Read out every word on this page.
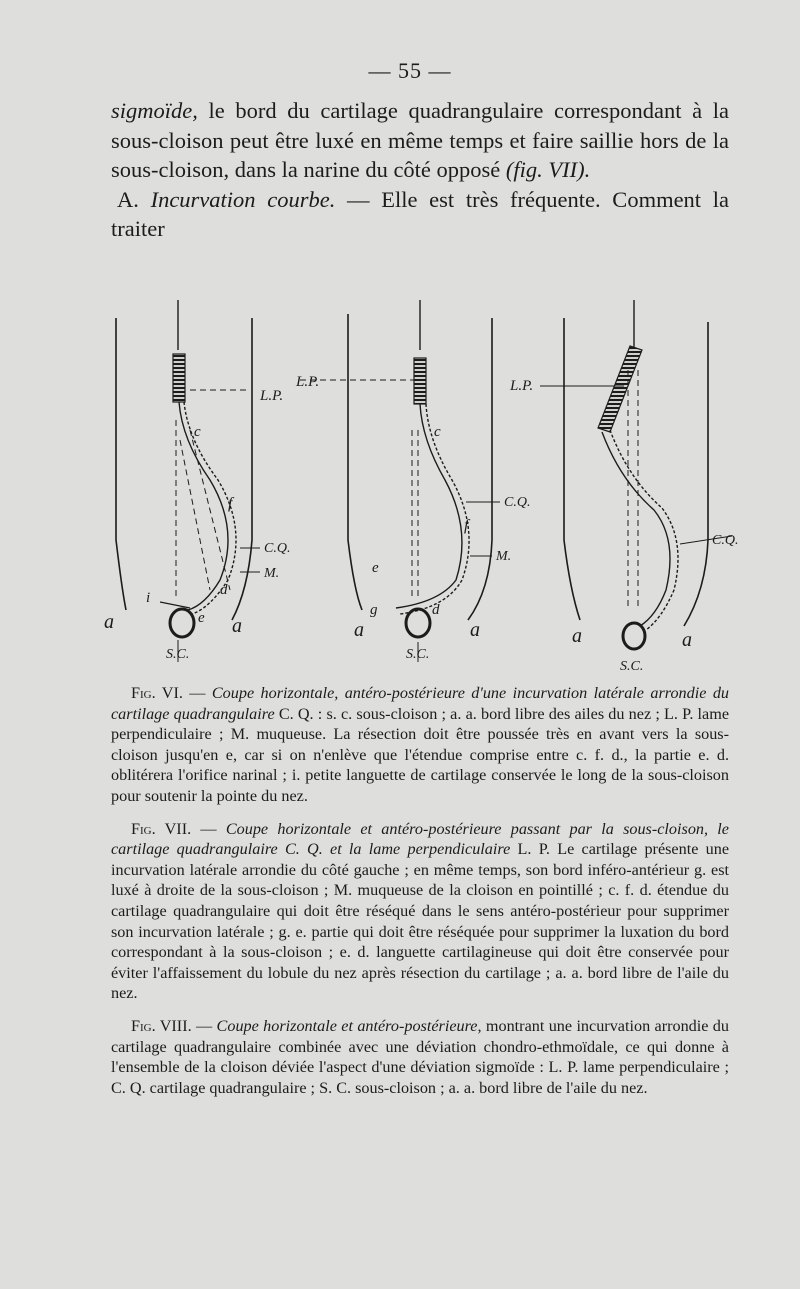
— 55 —

sigmoïde, le bord du cartilage quadrangulaire correspondant à la sous-cloison peut être luxé en même temps et faire saillie hors de la sous-cloison, dans la narine du côté opposé (fig. VII).

A. Incurvation courbe. — Elle est très fréquente. Comment la traiter

L.P.
c
f
C.Q.
M.
d
i
e
a	a
S.C.
L.P.
c
f
C.Q.
M.
e
g	d
a	a
S.C.
L.P.
C.Q.
a	a
S.C.

Fig. VI. — Coupe horizontale, antéro-postérieure d'une incurvation latérale arrondie du cartilage quadrangulaire C. Q. : s. c. sous-cloison ; a. a. bord libre des ailes du nez ; L. P. lame perpendiculaire ; M. muqueuse. La résection doit être poussée très en avant vers la sous-cloison jusqu'en e, car si on n'enlève que l'étendue comprise entre c. f. d., la partie e. d. oblitérera l'orifice narinal ; i. petite languette de cartilage conservée le long de la sous-cloison pour soutenir la pointe du nez.

Fig. VII. — Coupe horizontale et antéro-postérieure passant par la sous-cloison, le cartilage quadrangulaire C. Q. et la lame perpendiculaire L. P. Le cartilage présente une incurvation latérale arrondie du côté gauche ; en même temps, son bord inféro-antérieur g. est luxé à droite de la sous-cloison ; M. muqueuse de la cloison en pointillé ; c. f. d. étendue du cartilage quadrangulaire qui doit être réséqué dans le sens antéro-postérieur pour supprimer son incurvation latérale ; g. e. partie qui doit être réséquée pour supprimer la luxation du bord correspondant à la sous-cloison ; e. d. languette cartilagineuse qui doit être conservée pour éviter l'affaissement du lobule du nez après résection du cartilage ; a. a. bord libre de l'aile du nez.

Fig. VIII. — Coupe horizontale et antéro-postérieure, montrant une incurvation arrondie du cartilage quadrangulaire combinée avec une déviation chondro-ethmoïdale, ce qui donne à l'ensemble de la cloison déviée l'aspect d'une déviation sigmoïde : L. P. lame perpendiculaire ; C. Q. cartilage quadrangulaire ; S. C. sous-cloison ; a. a. bord libre de l'aile du nez.
